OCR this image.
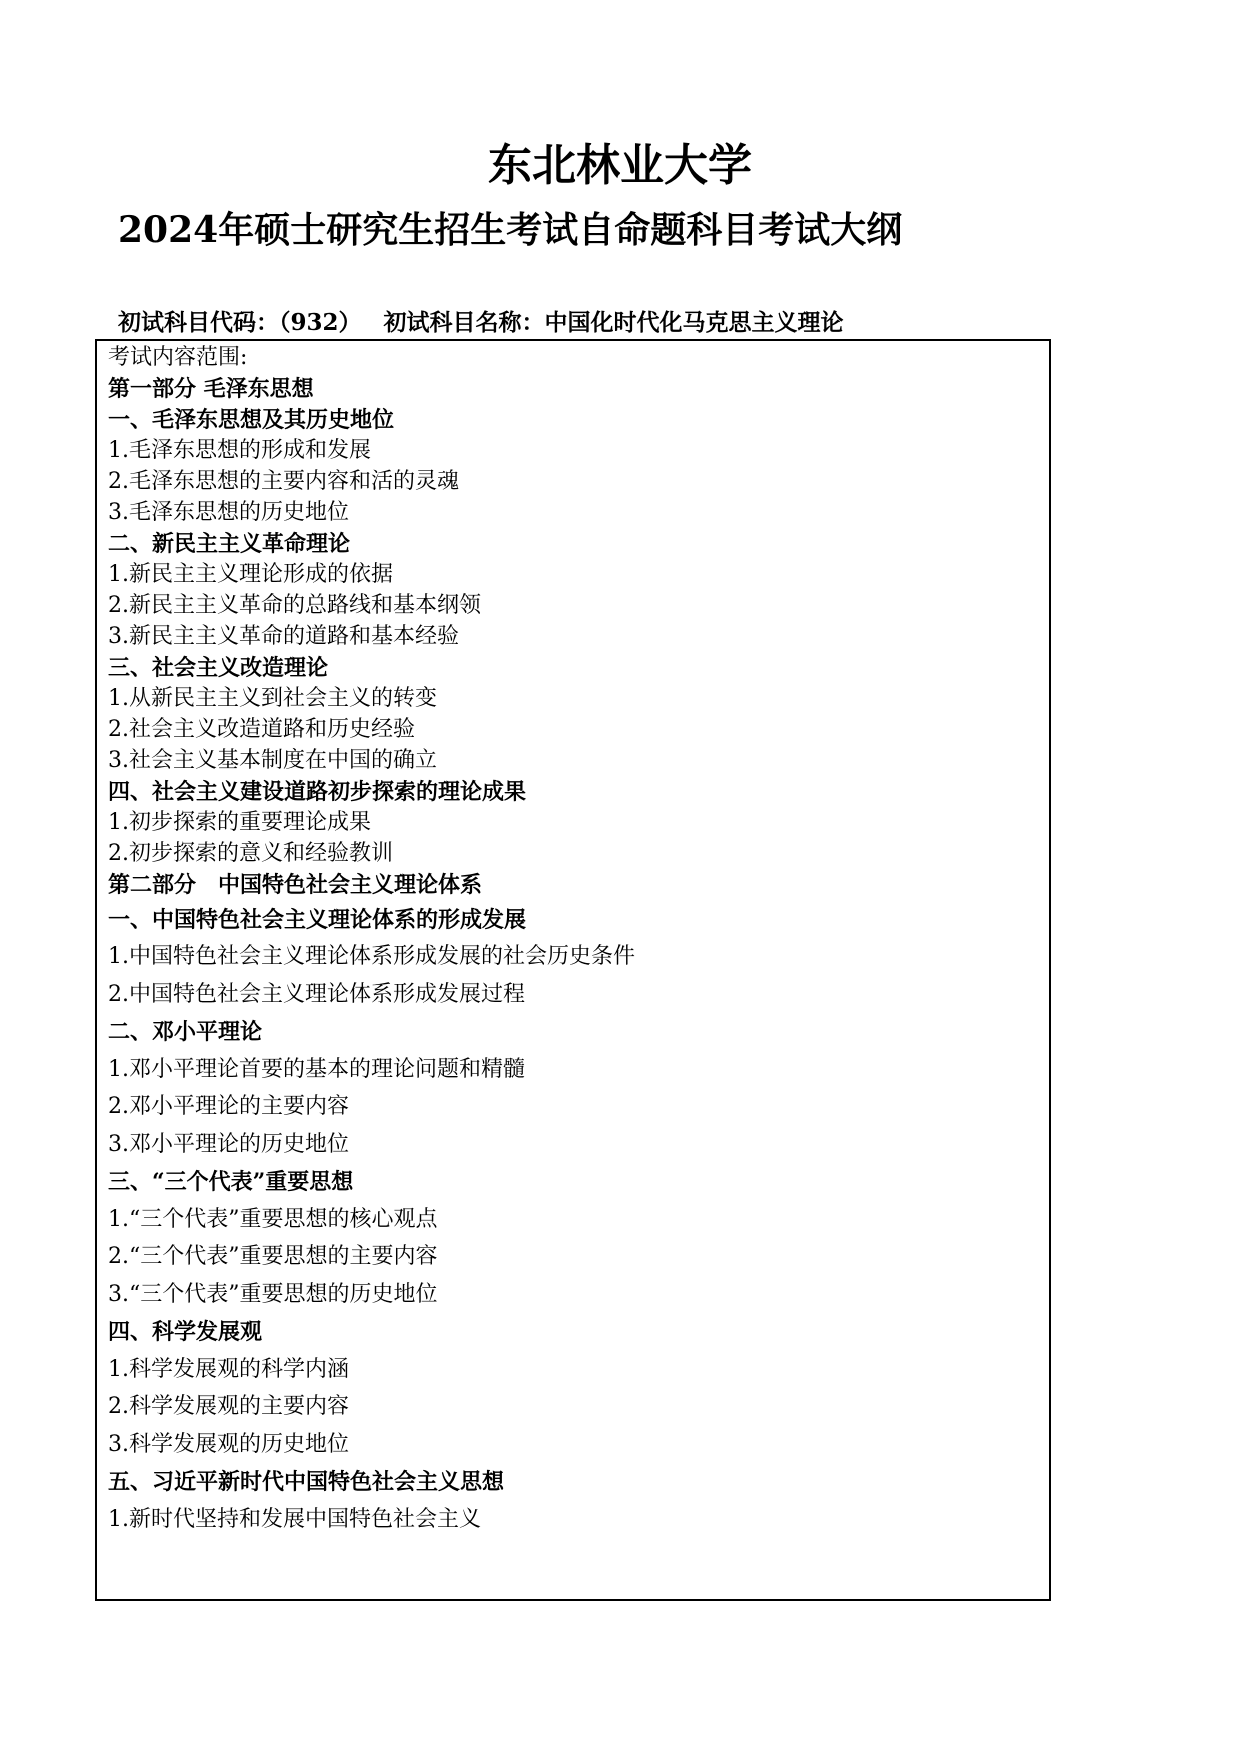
东北林业大学
2024年硕士研究生招生考试自命题科目考试大纲
初试科目代码：（932） 初试科目名称：中国化时代化马克思主义理论
考试内容范围:
第一部分 毛泽东思想
一、毛泽东思想及其历史地位
1.毛泽东思想的形成和发展
2.毛泽东思想的主要内容和活的灵魂
3.毛泽东思想的历史地位
二、新民主主义革命理论
1.新民主主义理论形成的依据
2.新民主主义革命的总路线和基本纲领
3.新民主主义革命的道路和基本经验
三、社会主义改造理论
1.从新民主主义到社会主义的转变
2.社会主义改造道路和历史经验
3.社会主义基本制度在中国的确立
四、社会主义建设道路初步探索的理论成果
1.初步探索的重要理论成果
2.初步探索的意义和经验教训
第二部分　中国特色社会主义理论体系
一、中国特色社会主义理论体系的形成发展
1.中国特色社会主义理论体系形成发展的社会历史条件
2.中国特色社会主义理论体系形成发展过程
二、邓小平理论
1.邓小平理论首要的基本的理论问题和精髓
2.邓小平理论的主要内容
3.邓小平理论的历史地位
三、“三个代表”重要思想
1.“三个代表”重要思想的核心观点
2.“三个代表”重要思想的主要内容
3.“三个代表”重要思想的历史地位
四、科学发展观
1.科学发展观的科学内涵
2.科学发展观的主要内容
3.科学发展观的历史地位
五、习近平新时代中国特色社会主义思想
1.新时代坚持和发展中国特色社会主义
